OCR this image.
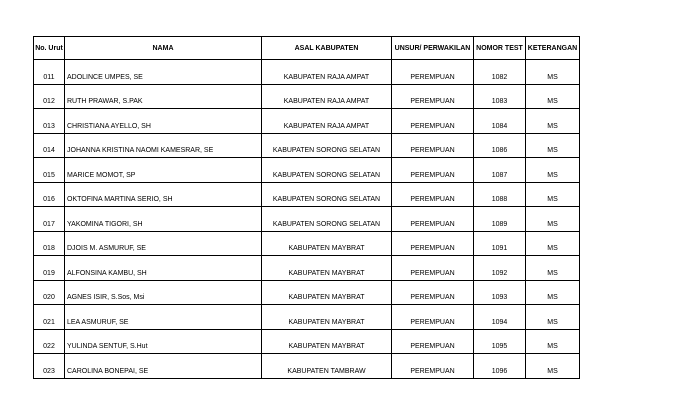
No. Urut	NAMA	ASAL KABUPATEN	UNSUR/ PERWAKILAN	NOMOR TEST	KETERANGAN
011	ADOLINCE UMPES, SE	KABUPATEN RAJA AMPAT	PEREMPUAN	1082	MS
012	RUTH PRAWAR, S.PAK	KABUPATEN RAJA AMPAT	PEREMPUAN	1083	MS
013	CHRISTIANA AYELLO, SH	KABUPATEN RAJA AMPAT	PEREMPUAN	1084	MS
014	JOHANNA KRISTINA NAOMI KAMESRAR, SE	KABUPATEN SORONG SELATAN	PEREMPUAN	1086	MS
015	MARICE MOMOT, SP	KABUPATEN SORONG SELATAN	PEREMPUAN	1087	MS
016	OKTOFINA MARTINA SERIO, SH	KABUPATEN SORONG SELATAN	PEREMPUAN	1088	MS
017	YAKOMINA TIGORI, SH	KABUPATEN SORONG SELATAN	PEREMPUAN	1089	MS
018	DJOIS M. ASMURUF, SE	KABUPATEN MAYBRAT	PEREMPUAN	1091	MS
019	ALFONSINA KAMBU, SH	KABUPATEN MAYBRAT	PEREMPUAN	1092	MS
020	AGNES ISIR, S.Sos, Msi	KABUPATEN MAYBRAT	PEREMPUAN	1093	MS
021	LEA ASMURUF, SE	KABUPATEN MAYBRAT	PEREMPUAN	1094	MS
022	YULINDA SENTUF, S.Hut	KABUPATEN MAYBRAT	PEREMPUAN	1095	MS
023	CAROLINA BONEPAI, SE	KABUPATEN TAMBRAW	PEREMPUAN	1096	MS
